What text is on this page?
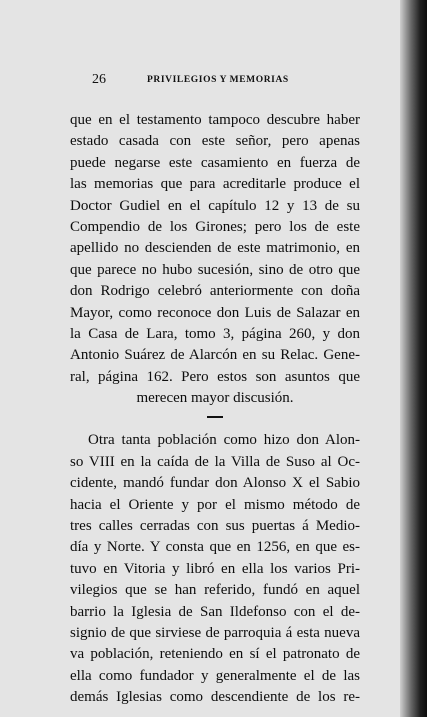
26	PRIVILEGIOS Y MEMORIAS
que en el testamento tampoco descubre haber
estado casada con este señor, pero apenas
puede negarse este casamiento en fuerza de
las memorias que para acreditarle produce el
Doctor Gudiel en el capítulo 12 y 13 de su
Compendio de los Girones; pero los de este
apellido no descienden de este matrimonio, en
que parece no hubo sucesión, sino de otro que
don Rodrigo celebró anteriormente con doña
Mayor, como reconoce don Luis de Salazar en
la Casa de Lara, tomo 3, página 260, y don
Antonio Suárez de Alarcón en su Relac. Gene-
ral, página 162. Pero estos son asuntos que
merecen mayor discusión.
Otra tanta población como hizo don Alon-
so VIII en la caída de la Villa de Suso al Oc-
cidente, mandó fundar don Alonso X el Sabio
hacia el Oriente y por el mismo método de
tres calles cerradas con sus puertas á Medio-
día y Norte. Y consta que en 1256, en que es-
tuvo en Vitoria y libró en ella los varios Pri-
vilegios que se han referido, fundó en aquel
barrio la Iglesia de San Ildefonso con el de-
signio de que sirviese de parroquia á esta nueva
va población, reteniendo en sí el patronato de
ella como fundador y generalmente el de las
demás Iglesias como descendiente de los re-
